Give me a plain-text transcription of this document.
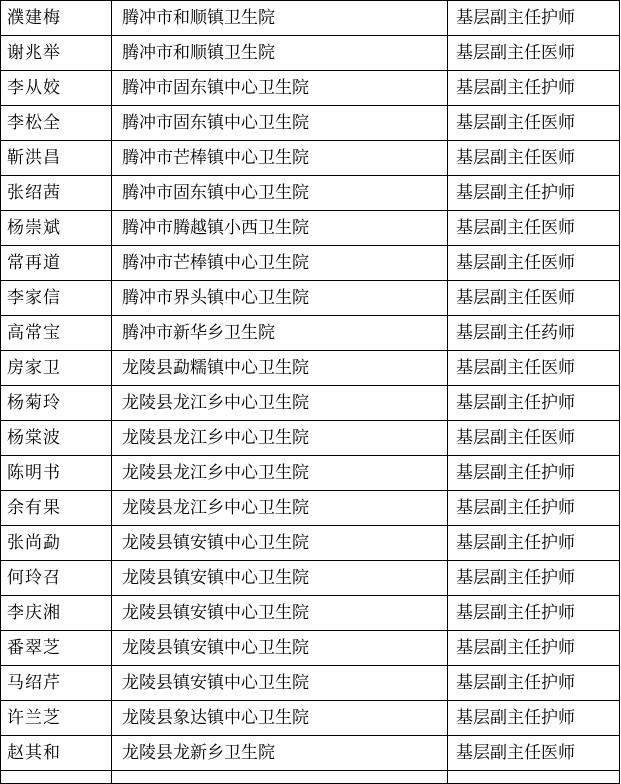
濮建梅	腾冲市和顺镇卫生院	基层副主任护师
谢兆举	腾冲市和顺镇卫生院	基层副主任医师
李从姣	腾冲市固东镇中心卫生院	基层副主任护师
李松全	腾冲市固东镇中心卫生院	基层副主任医师
靳洪昌	腾冲市芒棒镇中心卫生院	基层副主任医师
张绍茜	腾冲市固东镇中心卫生院	基层副主任护师
杨崇斌	腾冲市腾越镇小西卫生院	基层副主任医师
常再道	腾冲市芒棒镇中心卫生院	基层副主任医师
李家信	腾冲市界头镇中心卫生院	基层副主任医师
高常宝	腾冲市新华乡卫生院	基层副主任药师
房家卫	龙陵县勐糯镇中心卫生院	基层副主任医师
杨菊玲	龙陵县龙江乡中心卫生院	基层副主任护师
杨棠波	龙陵县龙江乡中心卫生院	基层副主任医师
陈明书	龙陵县龙江乡中心卫生院	基层副主任护师
余有果	龙陵县龙江乡中心卫生院	基层副主任护师
张尚勐	龙陵县镇安镇中心卫生院	基层副主任护师
何玲召	龙陵县镇安镇中心卫生院	基层副主任护师
李庆湘	龙陵县镇安镇中心卫生院	基层副主任护师
番翠芝	龙陵县镇安镇中心卫生院	基层副主任护师
马绍芹	龙陵县镇安镇中心卫生院	基层副主任护师
许兰芝	龙陵县象达镇中心卫生院	基层副主任护师
赵其和	龙陵县龙新乡卫生院	基层副主任医师
